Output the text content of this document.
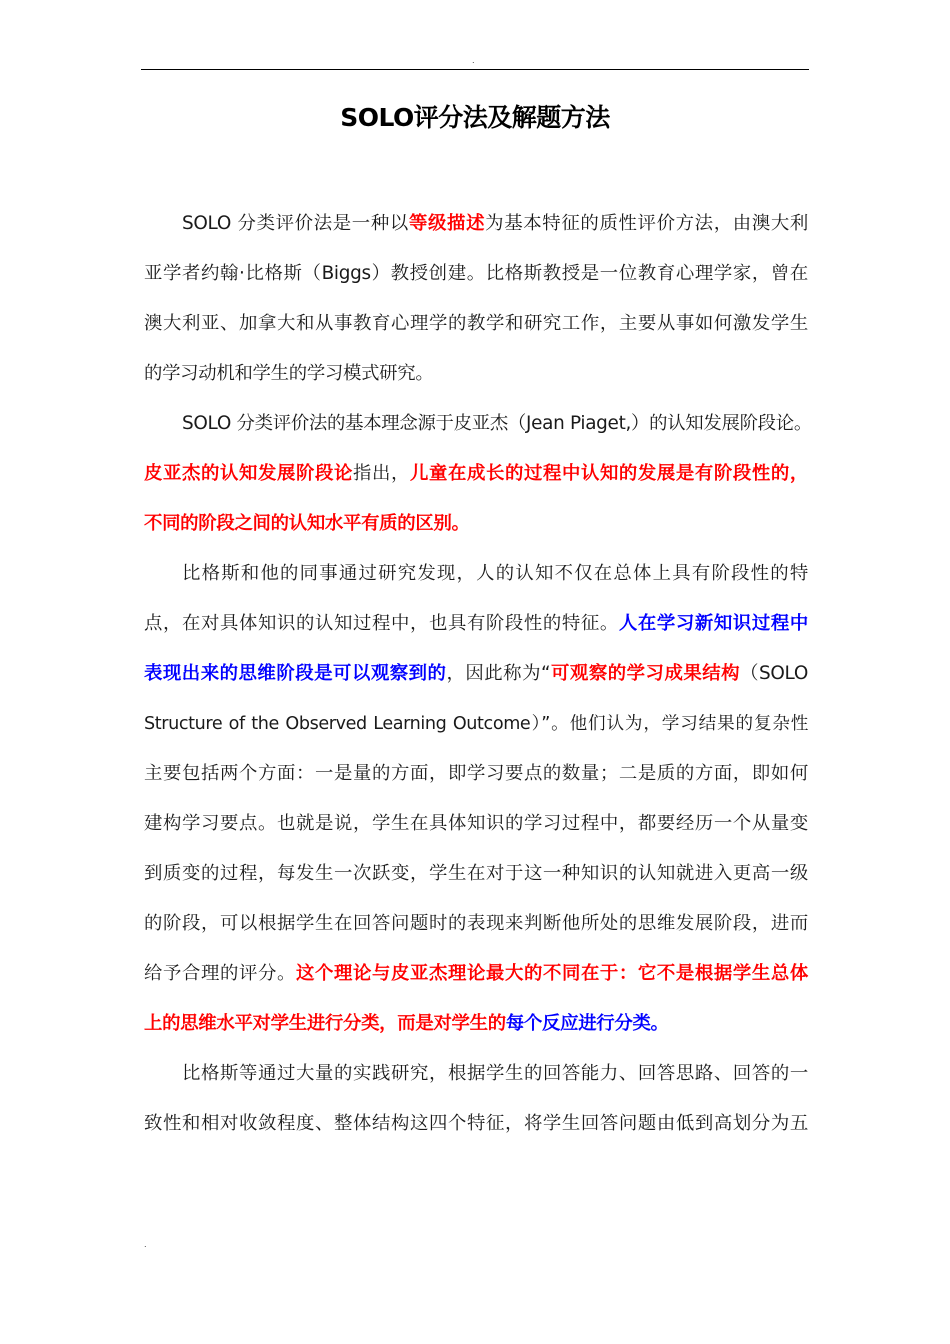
.
SOLO评分法及解题方法
SOLO 分类评价法是一种以等级描述为基本特征的质性评价方法，由澳大利
亚学者约翰·比格斯（Biggs）教授创建。比格斯教授是一位教育心理学家，曾在
澳大利亚、加拿大和从事教育心理学的教学和研究工作，主要从事如何激发学生
的学习动机和学生的学习模式研究。
SOLO 分类评价法的基本理念源于皮亚杰（Jean Piaget,）的认知发展阶段论。
皮亚杰的认知发展阶段论指出，儿童在成长的过程中认知的发展是有阶段性的，
不同的阶段之间的认知水平有质的区别。
比格斯和他的同事通过研究发现，人的认知不仅在总体上具有阶段性的特
点，在对具体知识的认知过程中，也具有阶段性的特征。人在学习新知识过程中
表现出来的思维阶段是可以观察到的，因此称为“可观察的学习成果结构（SOLO
Structure of the Observed Learning Outcome）”。他们认为，学习结果的复杂性
主要包括两个方面：一是量的方面，即学习要点的数量；二是质的方面，即如何
建构学习要点。也就是说，学生在具体知识的学习过程中，都要经历一个从量变
到质变的过程，每发生一次跃变，学生在对于这一种知识的认知就进入更高一级
的阶段，可以根据学生在回答问题时的表现来判断他所处的思维发展阶段，进而
给予合理的评分。这个理论与皮亚杰理论最大的不同在于：它不是根据学生总体
上的思维水平对学生进行分类，而是对学生的每个反应进行分类。
比格斯等通过大量的实践研究，根据学生的回答能力、回答思路、回答的一
致性和相对收敛程度、整体结构这四个特征，将学生回答问题由低到高划分为五
.
